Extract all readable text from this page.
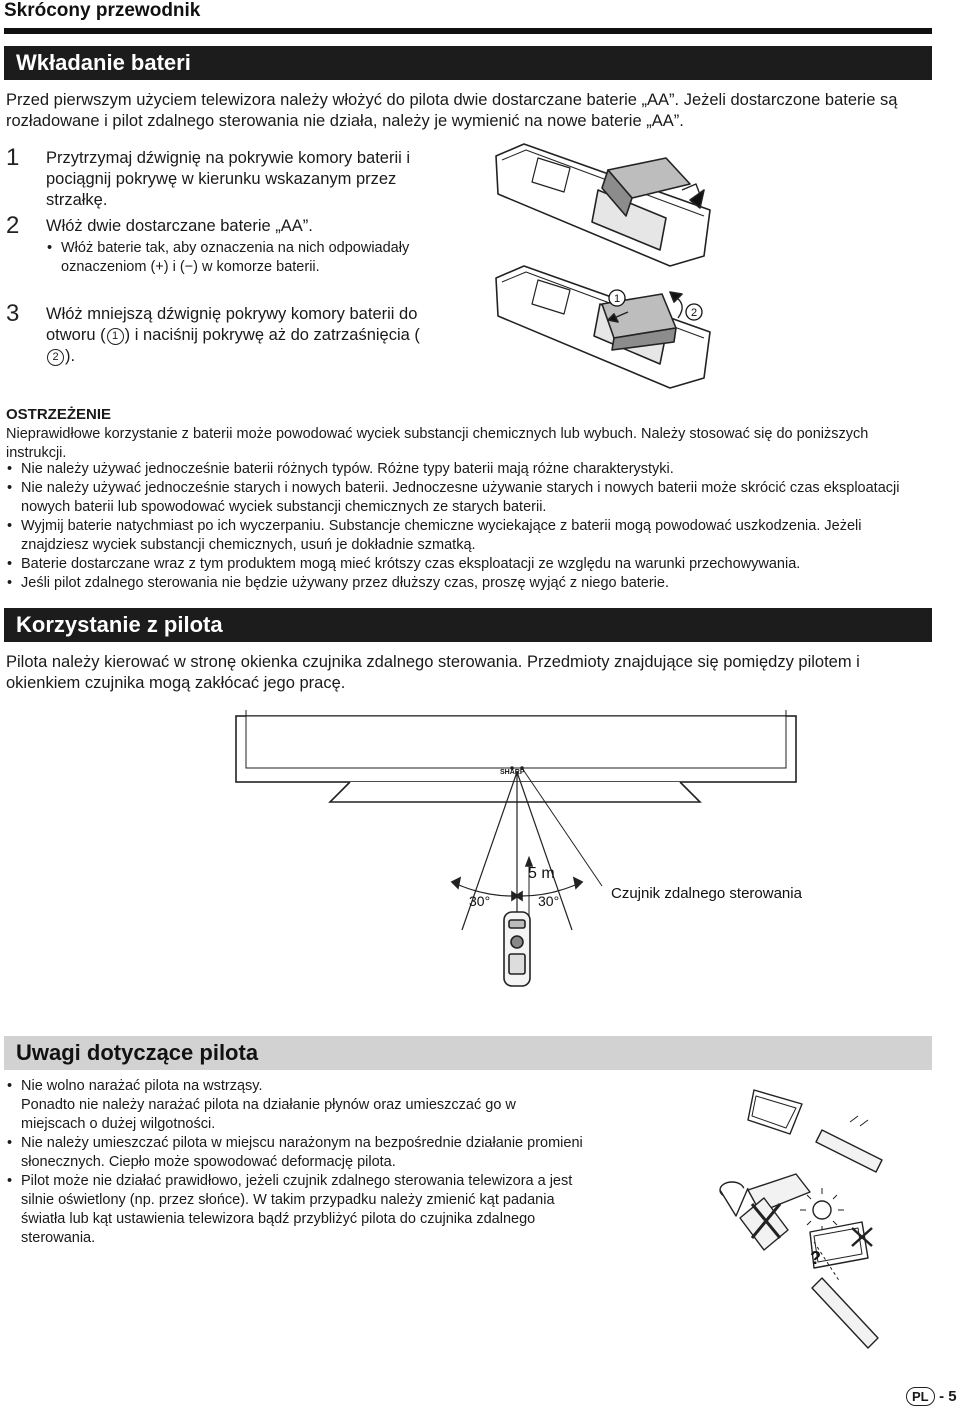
Skrócony przewodnik
Wkładanie bateri
Przed pierwszym użyciem telewizora należy włożyć do pilota dwie dostarczane baterie „AA”. Jeżeli dostarczone baterie są rozładowane i pilot zdalnego sterowania nie działa, należy je wymienić na nowe baterie „AA”.
1 Przytrzymaj dźwignię na pokrywie komory baterii i pociągnij pokrywę w kierunku wskazanym przez strzałkę.
2 Włóż dwie dostarczane baterie „AA”.
• Włóż baterie tak, aby oznaczenia na nich odpowiadały oznaczeniom (+) i (−) w komorze baterii.
3 Włóż mniejszą dźwignię pokrywy komory baterii do otworu ( 1 ) i naciśnij pokrywę aż do zatrzaśnięcia (2 ).
1
2
OSTRZEŻENIE
Nieprawidłowe korzystanie z baterii może powodować wyciek substancji chemicznych lub wybuch. Należy stosować się do poniższych instrukcji.
• Nie należy używać jednocześnie baterii różnych typów. Różne typy baterii mają różne charakterystyki.
• Nie należy używać jednocześnie starych i nowych baterii. Jednoczesne używanie starych i nowych baterii może skrócić czas eksploatacji nowych baterii lub spowodować wyciek substancji chemicznych ze starych baterii.
• Wyjmij baterie natychmiast po ich wyczerpaniu. Substancje chemiczne wyciekające z baterii mogą powodować uszkodzenia. Jeżeli znajdziesz wyciek substancji chemicznych, usuń je dokładnie szmatką.
• Baterie dostarczane wraz z tym produktem mogą mieć krótszy czas eksploatacji ze względu na warunki przechowywania.
• Jeśli pilot zdalnego sterowania nie będzie używany przez dłuższy czas, proszę wyjąć z niego baterie.
Korzystanie z pilota
Pilota należy kierować w stronę okienka czujnika zdalnego sterowania. Przedmioty znajdujące się pomiędzy pilotem i okienkiem czujnika mogą zakłócać jego pracę.
SHARP
5 m
30°	30°	Czujnik zdalnego sterowania
Uwagi dotyczące pilota
• Nie wolno narażać pilota na wstrząsy.
Ponadto nie należy narażać pilota na działanie płynów oraz umieszczać go w miejscach o dużej wilgotności.
• Nie należy umieszczać pilota w miejscu narażonym na bezpośrednie działanie promieni słonecznych. Ciepło może spowodować deformację pilota.
• Pilot może nie działać prawidłowo, jeżeli czujnik zdalnego sterowania telewizora a jest silnie oświetlony (np. przez słońce). W takim przypadku należy zmienić kąt padania światła lub kąt ustawienia telewizora bądź przybliżyć pilota do czujnika zdalnego sterowania.
?
PL - 5
